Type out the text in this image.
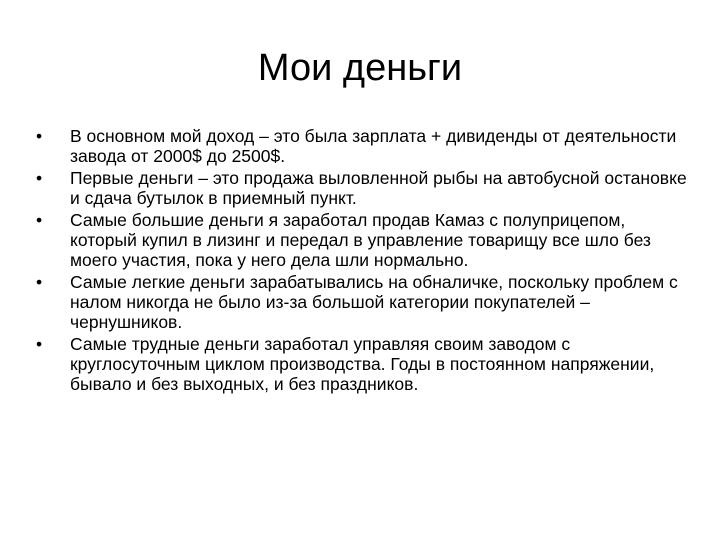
Мои деньги
•	В основном мой доход – это была зарплата + дивиденды от деятельности завода от 2000$ до 2500$.
•	Первые деньги – это продажа выловленной рыбы на автобусной остановке и сдача бутылок в приемный пункт.
•	Самые большие деньги я заработал продав Камаз с полуприцепом, который купил в лизинг и передал в управление товарищу все шло без моего участия, пока у него дела шли нормально.
•	Самые легкие деньги зарабатывались на обналичке, поскольку проблем с налом никогда не было из-за большой категории покупателей – чернушников.
•	Самые трудные деньги заработал управляя своим заводом с круглосуточным циклом производства. Годы в постоянном напряжении, бывало и без выходных, и без праздников.
